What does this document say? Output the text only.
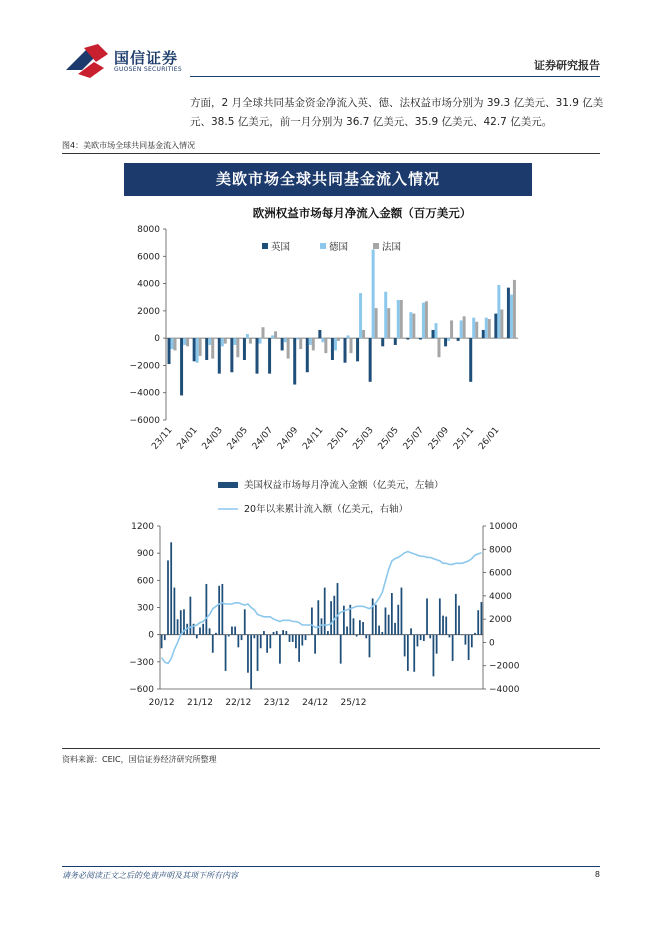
国信证券
GUOSEN SECURITIES	证券研究报告
方面，2 月全球共同基金资金净流入英、德、法权益市场分别为 39.3 亿美元、31.9 亿美元、38.5 亿美元，前一月分别为 36.7 亿美元、35.9 亿美元、42.7 亿美元。
图4：美欧市场全球共同基金流入情况
美欧市场全球共同基金流入情况
欧洲权益市场每月净流入金额（百万美元）
−6000
−4000
−2000
0
2000
4000
6000
8000
23/11 24/01 24/03 24/05 24/07 24/09 24/11 25/01 25/03 25/05 25/07 25/09 25/11 26/01
英国	德国	法国
美国权益市场每月净流入金额（亿美元，左轴）
20年以来累计流入额（亿美元，右轴）
−600
−300
0
300
600
900
1200
−4000
−2000
0
2000
4000
6000
8000
10000
20/12 21/12 22/12 23/12 24/12 25/12
资料来源：CEIC，国信证券经济研究所整理
请务必阅读正文之后的免责声明及其项下所有内容	8
